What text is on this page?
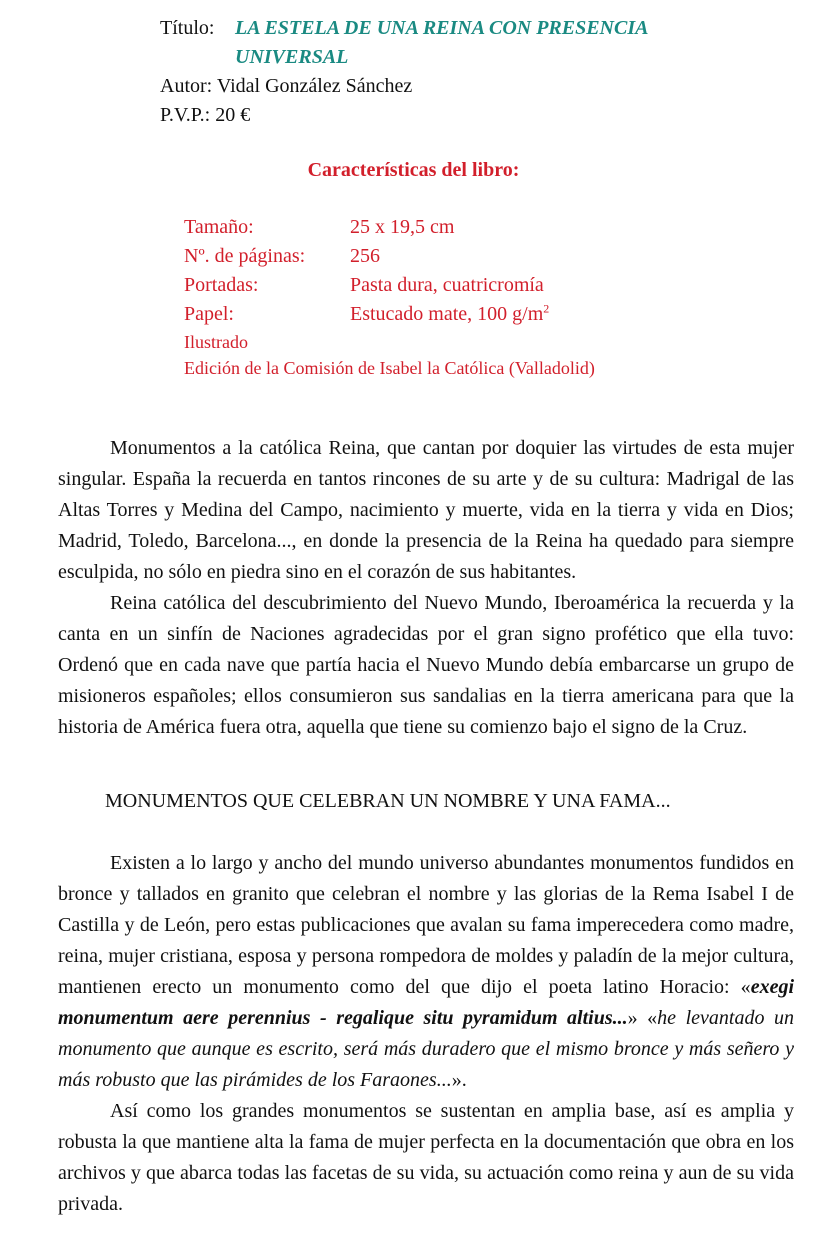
Título: LA ESTELA DE UNA REINA CON PRESENCIA
UNIVERSAL
Autor: Vidal González Sánchez
P.V.P.: 20 €
Características del libro:
Tamaño:	25 x 19,5 cm
Nº. de páginas: 256
Portadas:	Pasta dura, cuatricromía
Papel:	Estucado mate, 100 $g/m^2$
Ilustrado
Edición de la Comisión de Isabel la Católica (Valladolid)

Monumentos a la católica Reina, que cantan por doquier las virtudes de esta mujer singular. España la recuerda en tantos rincones de su arte y de su cultura: Madrigal de las Altas Torres y Medina del Campo, nacimiento y muerte, vida en la tierra y vida en Dios; Madrid, Toledo, Barcelona..., en donde la presencia de la Reina ha quedado para siempre esculpida, no sólo en piedra sino en el corazón de sus habitantes.

Reina católica del descubrimiento del Nuevo Mundo, Iberoamérica la recuerda y la canta en un sinfín de Naciones agradecidas por el gran signo profético que ella tuvo: Ordenó que en cada nave que partía hacia el Nuevo Mundo debía embarcarse un grupo de misioneros españoles; ellos consumieron sus sandalias en la tierra americana para que la historia de América fuera otra, aquella que tiene su comienzo bajo el signo de la Cruz.

MONUMENTOS QUE CELEBRAN UN NOMBRE Y UNA FAMA...

Existen a lo largo y ancho del mundo universo abundantes monumentos fundidos en bronce y tallados en granito que celebran el nombre y las glorias de la Rema Isabel I de Castilla y de León, pero estas publicaciones que avalan su fama imperecedera como madre, reina, mujer cristiana, esposa y persona rompedora de moldes y paladín de la mejor cultura, mantienen erecto un monumento como del que dijo el poeta latino Horacio: «exegi monumentum aere perennius - regalique situ pyramidum altius...» «he levantado un monumento que aunque es escrito, será más duradero que el mismo bronce y más señero y más robusto que las pirámides de los Faraones...».

Así como los grandes monumentos se sustentan en amplia base, así es amplia y robusta la que mantiene alta la fama de mujer perfecta en la documentación que obra en los archivos y que abarca todas las facetas de su vida, su actuación como reina y aun de su vida privada.
